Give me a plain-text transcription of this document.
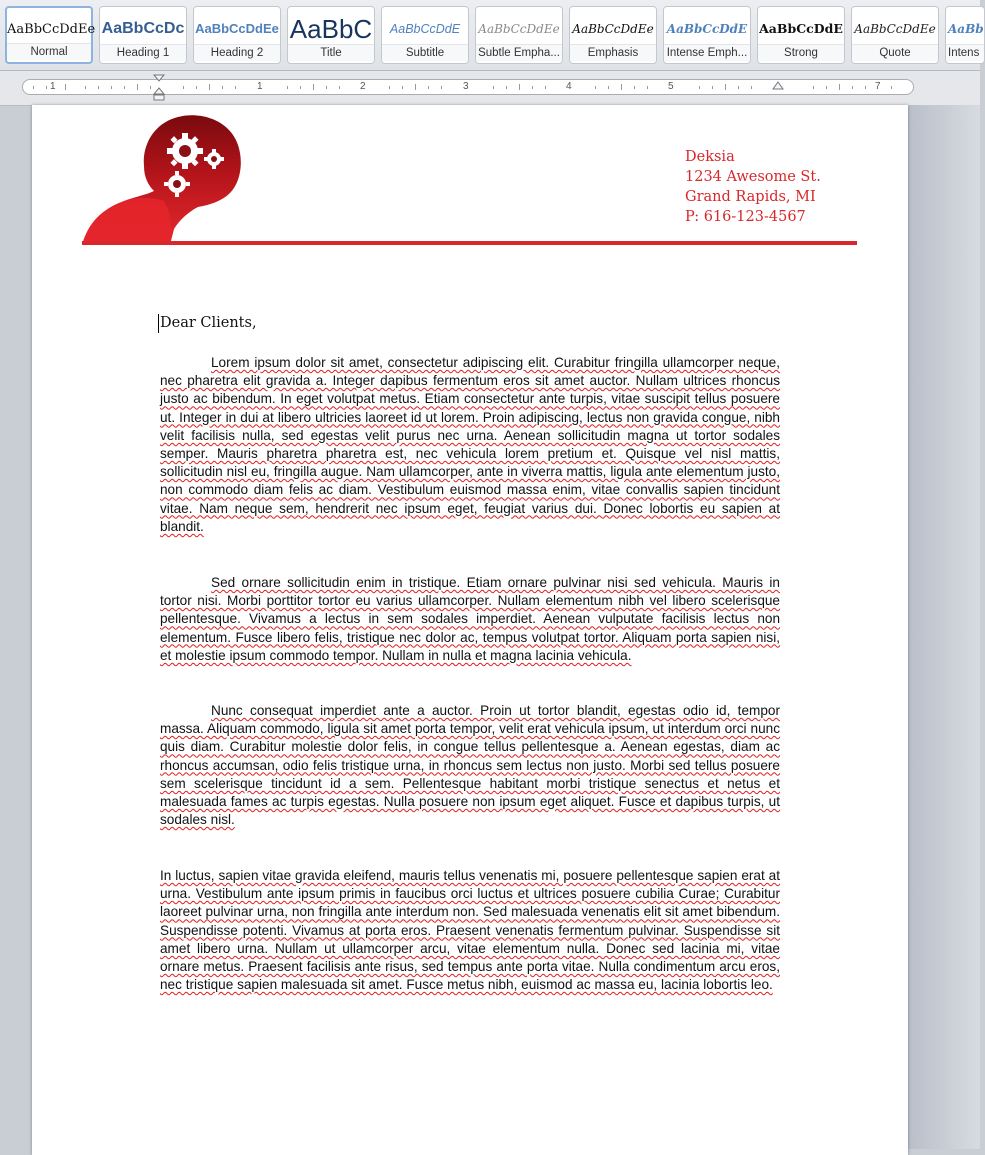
AaBbCcDdEe
Normal
AaBbCcDc
Heading 1
AaBbCcDdEe
Heading 2
AaBbC
Title
AaBbCcDdE
Subtitle
AaBbCcDdEe
Subtle Empha...
AaBbCcDdEe
Emphasis
AaBbCcDdE
Intense Emph...
AaBbCcDdE
Strong
AaBbCcDdEe
Quote
AaBb
Intens
1	1	2	3	4	5	7
Deksia
1234 Awesome St.
Grand Rapids, MI
P: 616-123-4567
Dear Clients,
Lorem ipsum dolor sit amet, consectetur adipiscing elit. Curabitur fringilla ullamcorper neque, nec pharetra elit gravida a. Integer dapibus fermentum eros sit amet auctor. Nullam ultrices rhoncus justo ac bibendum. In eget volutpat metus. Etiam consectetur ante turpis, vitae suscipit tellus posuere ut. Integer in dui at libero ultricies laoreet id ut lorem. Proin adipiscing, lectus non gravida congue, nibh velit facilisis nulla, sed egestas velit purus nec urna. Aenean sollicitudin magna ut tortor sodales semper. Mauris pharetra pharetra est, nec vehicula lorem pretium et. Quisque vel nisl mattis, sollicitudin nisl eu, fringilla augue. Nam ullamcorper, ante in viverra mattis, ligula ante elementum justo, non commodo diam felis ac diam. Vestibulum euismod massa enim, vitae convallis sapien tincidunt vitae. Nam neque sem, hendrerit nec ipsum eget, feugiat varius dui. Donec lobortis eu sapien at blandit.
Sed ornare sollicitudin enim in tristique. Etiam ornare pulvinar nisi sed vehicula. Mauris in tortor nisi. Morbi porttitor tortor eu varius ullamcorper. Nullam elementum nibh vel libero scelerisque pellentesque. Vivamus a lectus in sem sodales imperdiet. Aenean vulputate facilisis lectus non elementum. Fusce libero felis, tristique nec dolor ac, tempus volutpat tortor. Aliquam porta sapien nisi, et molestie ipsum commodo tempor. Nullam in nulla et magna lacinia vehicula.
Nunc consequat imperdiet ante a auctor. Proin ut tortor blandit, egestas odio id, tempor massa. Aliquam commodo, ligula sit amet porta tempor, velit erat vehicula ipsum, ut interdum orci nunc quis diam. Curabitur molestie dolor felis, in congue tellus pellentesque a. Aenean egestas, diam ac rhoncus accumsan, odio felis tristique urna, in rhoncus sem lectus non justo. Morbi sed tellus posuere sem scelerisque tincidunt id a sem. Pellentesque habitant morbi tristique senectus et netus et malesuada fames ac turpis egestas. Nulla posuere non ipsum eget aliquet. Fusce et dapibus turpis, ut sodales nisl.
In luctus, sapien vitae gravida eleifend, mauris tellus venenatis mi, posuere pellentesque sapien erat at urna. Vestibulum ante ipsum primis in faucibus orci luctus et ultrices posuere cubilia Curae; Curabitur laoreet pulvinar urna, non fringilla ante interdum non. Sed malesuada venenatis elit sit amet bibendum. Suspendisse potenti. Vivamus at porta eros. Praesent venenatis fermentum pulvinar. Suspendisse sit amet libero urna. Nullam ut ullamcorper arcu, vitae elementum nulla. Donec sed lacinia mi, vitae ornare metus. Praesent facilisis ante risus, sed tempus ante porta vitae. Nulla condimentum arcu eros, nec tristique sapien malesuada sit amet. Fusce metus nibh, euismod ac massa eu, lacinia lobortis leo.
